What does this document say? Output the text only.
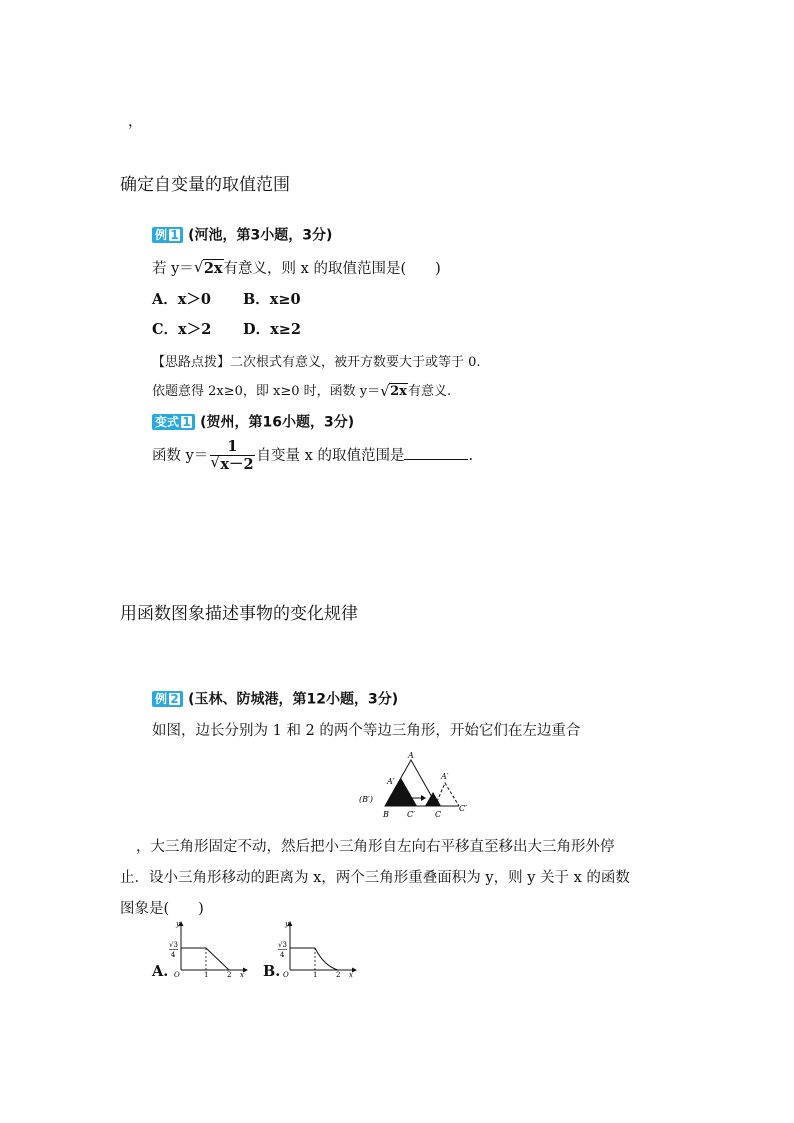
，
确定自变量的取值范围
例 1 (河池，第3小题，3分)
若 y＝ √ 2x有意义，则 x 的取值范围是(　　)
A．x＞0 B．x≥0
C．x＞2 D．x≥2
【思路点拨】二次根式有意义，被开方数要大于或等于 0.
依题意得 2x≥0，即 x≥0 时，函数 y＝ √ 2x有意义.
变式 1 (贺州，第16小题，3分)
函数 $y= \frac{1}{√ x-2}$ 自变量 x 的取值范围是	.
用函数图象描述事物的变化规律
例 2 (玉林、防城港，第12小题，3分)
如图，边长分别为 1 和 2 的两个等边三角形，开始它们在左边重合
A
A′
A′
(B′)
B C′	C
C′
，大三角形固定不动，然后把小三角形自左向右平移直至移出大三角形外停
止．设小三角形移动的距离为 x，两个三角形重叠面积为 y，则 y 关于 x 的函数
图象是(　　)
A.
y
√3
4
O	1	2 x B.
y
√3
4
O	1	2 x
